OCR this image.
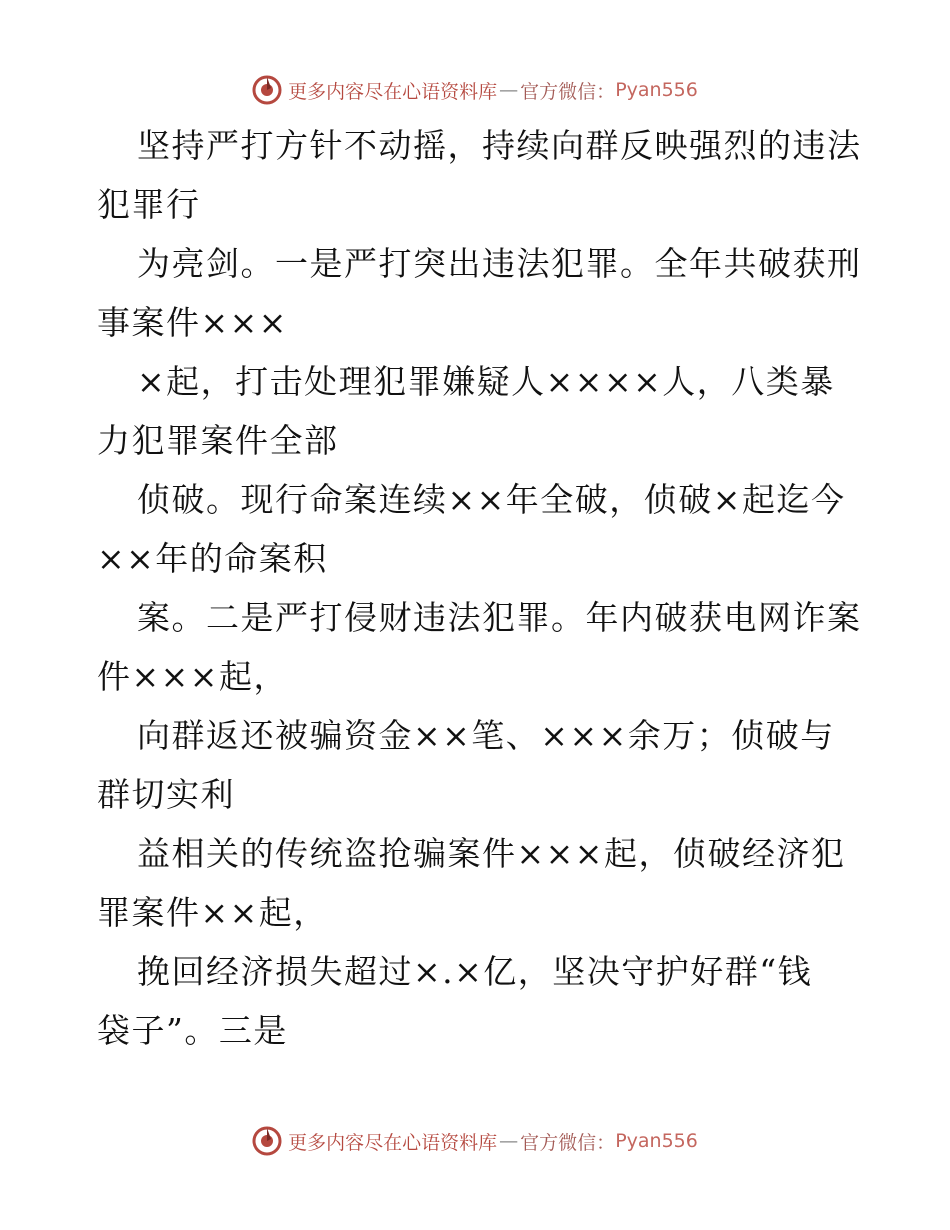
更多内容尽在心语资料库 — 官方微信： Pyan556
坚持严打方针不动摇，持续向群反映强烈的违法
犯罪行
为亮剑。一是严打突出违法犯罪。全年共破获刑
事案件×××
×起，打击处理犯罪嫌疑人××××人，八类暴
力犯罪案件全部
侦破。现行命案连续××年全破，侦破×起迄今
××年的命案积
案。二是严打侵财违法犯罪。年内破获电网诈案
件×××起，
向群返还被骗资金××笔、×××余万；侦破与
群切实利
益相关的传统盗抢骗案件×××起，侦破经济犯
罪案件××起，
挽回经济损失超过×.×亿，坚决守护好群“钱
袋子”。三是
更多内容尽在心语资料库 — 官方微信： Pyan556
